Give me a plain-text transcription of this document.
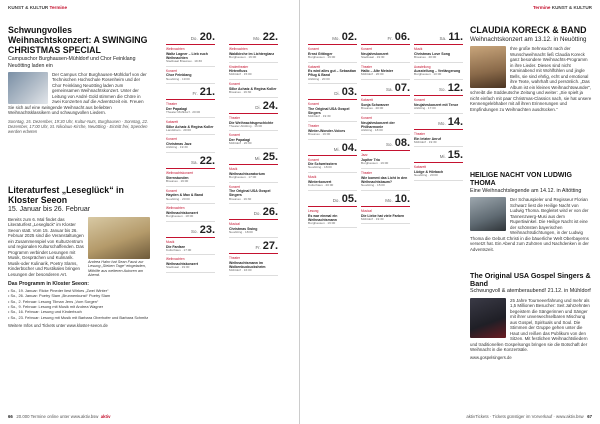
KUNST & KULTUR Termine
Schwungvolles Weihnachtskonzert: A SWINGING CHRISTMAS SPECIAL
Campuschor Burghausen-Mühldorf und Chor Feinklang Neuötting laden ein

Der Campus Chor Burghausen-Mühldorf von der Technischen Hochschule Rosenheim und der Chor Feinklang Neuötting laden zum gemeinsamen Weihnachtskonzert. Unter der Leitung von André Gold stimmen die Chöre in zwei Konzerten auf die Adventszeit ein. Freuen Sie sich auf eine swingende Weihnacht aus beliebten Weihnachtsklassikern und schwungvollen Liedern.

Sonntag, 15. Dezember, 19:30 Uhr, Kultur-Nuts, Burghausen · Sonntag, 22. Dezember, 17:00 Uhr, St. Nikolaus-Kirche, Neuötting · Eintritt frei, Spenden werden erbeten

Literaturfest „Leseglück“ in Kloster Seeon
15. Januar bis 26. Februar

Andrea Hahn hat Sean Faust zur Lesung „Sieben Tage“ eingeladen, Mithilfe aus weiteren Autoren am Abend.

Bereits zum 6. Mal findet das Literaturfest „Leseglück“ im Kloster Seeon statt. Vom 15. Januar bis 26. Februar 2025 sind die Veranstaltungen ein Zusammenspiel von Kulturzentrum und regionalen Kulturschaffenden. Das Programm verbindet Lesungen mit Musik, Gesprächen und Kulinarik. Musik-oder Kulinarik, Poetry Slams, Kinderbücher und Rustikales bringen Lesungen der besonderen Art.

Das Programm in Kloster Seeon:
• So., 19. Januar: Ricke Pineder liest Wirkes „Zwei Winter“
• So., 26. Januar: Poetry Slam „Brunnenkunst“ Poetry Slam
• So., 2. Februar: Lesung Tilman Jens „Vom Sorgen“
• So., 9. Februar: Lesung mit Musik mit Andrea Wagner
• So., 16. Februar: Lesung und Kinderbuch
• So., 23. Februar: Lesung mit Musik mit Barbara Oberhofer und Barbara Schmitz

Weitere Infos und Tickets unter www.kloster-seeon.de

Do. 20.
Weihnachten
Waltz Lagner – Lieb euch Weihnachten
Stadtsaal Braunau · 19:30
Konzert
Chor Feinklang
Neuötting · 19:00
Fr. 21.
Theater
Der Papalagi
Theater Mühldorf · 20:00
Kabarett
Silke Achatz & Regina Koller
Landsham · 20:00
Konzert
Christmas Jazz
Altötting · 19:30
Sa. 22.
Weihnachtskonzert
Sternstunden
Braunau · 19:00
Konzert
Hayden & Max & Band
Neuötting · 20:00
Weihnachten
Weihnachtskonzert
Burghausen · 18:00
So. 23.
Musik
Die Fanfare
Kulturhaus · 17:00
Weihnachten
Weihnachtskonzert
Stadtsaal · 19:00
Mo. 22.
Weihnachten
Waldkirche im Lichterglanz
Burghausen · 16:00
Kindertheater
Hirtenfluss
Mühldorf · 15:00
Konzert
Silke Achatz & Regina Koller
Braunau · 19:30
Di. 24.
Theater
Die Weihnachtsgeschichte
Theater Altötting · 16:00
Konzert
Der Papalagi
Mühldorf · 20:00
Mi. 25.
Musik
Weihnachtsoratorium
Burghausen · 17:00
Konzert
The Original USA Gospel Singers
Braunau · 19:30
Do. 26.
Musical
Christmas Swing
Neuötting · 18:00
Fr. 27.
Theater
Weihnachtsmann im Wolkenkuckucksheim
Mühldorf · 16:00
66 20.000 Termine online unter www.aktiv.bsw aktiv
Termine KUNST & KULTUR
Mo. 02.
Konzert
Ernst Gittinger
Burghausen · 19:00
Kabarett
Es wird alles gut – Sebastian Pflug & Band
Altötting · 20:00
Di. 03.
Konzert
The Original USA Gospel Singers
Mühldorf · 19:30
Theater
Winter-Wonder-Voices
Braunau · 19:00
Mi. 04.
Konzert
Die Schweisstern
Neuötting · 18:00
Musik
Winterkonzert
Kulturhaus · 20:00
Do. 05.
Lesung
Es war einmal ein Weihnachtsmann
Burghausen · 19:00
Fr. 06.
Konzert
Neujahrskonzert
Stadtsaal · 19:30
Theater
Hallo – Alte Meister
Mühldorf · 20:00
Sa. 07.
Kabarett
Sonja Schwarzer
Braunau · 20:00
Konzert
Neujahrskonzert der Philharmonie
Altötting · 18:00
So. 08.
Jazz
Jupiter Trio
Burghausen · 19:00
Theater
Wie kommt das Licht in den Weihnachtsbaum?
Neuötting · 15:00
Mo. 10.
Musical
Die Liebe hat viele Farben
Mühldorf · 19:30
Sa. 11.
Musik
Christmas Love Song
Braunau · 20:00
Ausstellung
Ausstellung – Verlängerung
Burghausen · 10:00
So. 12.
Konzert
Neujahrskonzert mit Tenor
Altötting · 17:00
Mo. 14.
Theater
Ein letzter Anruf
Mühldorf · 19:30
Mi. 15.
Kabarett
Lüdge & Hörbach
Neuötting · 20:00
CLAUDIA KORECK & BAND
Weihnachtskonzert am 13.12. in Neuötting

Ihre große Sehnsucht nach der Wunschweihnacht ließ Claudia Koreck ganz besondere Weihnachts-Programm in ihre Lieder. Dieses sind nicht Kaminabend mit Wohlfühlen und jingle Bells, sie sind ehrlig, echt und emotional ihre Texte, wahrhaft und persönlich. „Das Album ist ein kleines Weihnachtswunder“, schreibt die Süddeutsche Zeitung und weiter: „Sie spielt ja nicht einfach mit paar Christmas-Classics nach, sie hat unsere Kennengelebhaber mit all ihren Erinnerungen und Empfindungen zu Weihnachten ausdrücken.“

HEILIGE NACHT VON LUDWIG THOMA
Eine Weihnachtslegende am 14.12. in Altötting

Der Schauspieler und Regisseur Florian Schwarz liest die Heilige Nacht von Ludwig Thoma. Begleitet wird er von der Tannenzwerg-Musi aus dem Rupertiwinkel. Die Heilige Nacht ist eine der schönsten bayerischen Weihnachtsdichtungen, in der Ludwig Thoma die Geburt Christi in die bäuerliche Welt Oberbayerns versetzt hat. Ein Abend zum Zuhören und Nachdenken in der Adventszeit.

The Original USA Gospel Singers & Band
Schwungvoll & atemberaubend! 21.12. in Mühldorf

25 Jahre Tourneeerfahrung und mehr als 1,5 Millionen Besucher: Seit Jahrzehnten begeistern die Sängerinnen und Sänger mit ihrer unverwechselbaren Mischung aus Gospel, Spirituals und Soul. Die Stimmen der Gruppe gehen unter die Haut und reißen das Publikum von den Sitzen. Mit festlichen Weihnachtsliedern und traditionellen Gospelsongs bringen sie die Botschaft der Weihnacht in die Konzertsäle.

www.gospelsingers.de

aktivTickets · Tickets günstiger im Vorverkauf · www.aktiv.bsw 67
